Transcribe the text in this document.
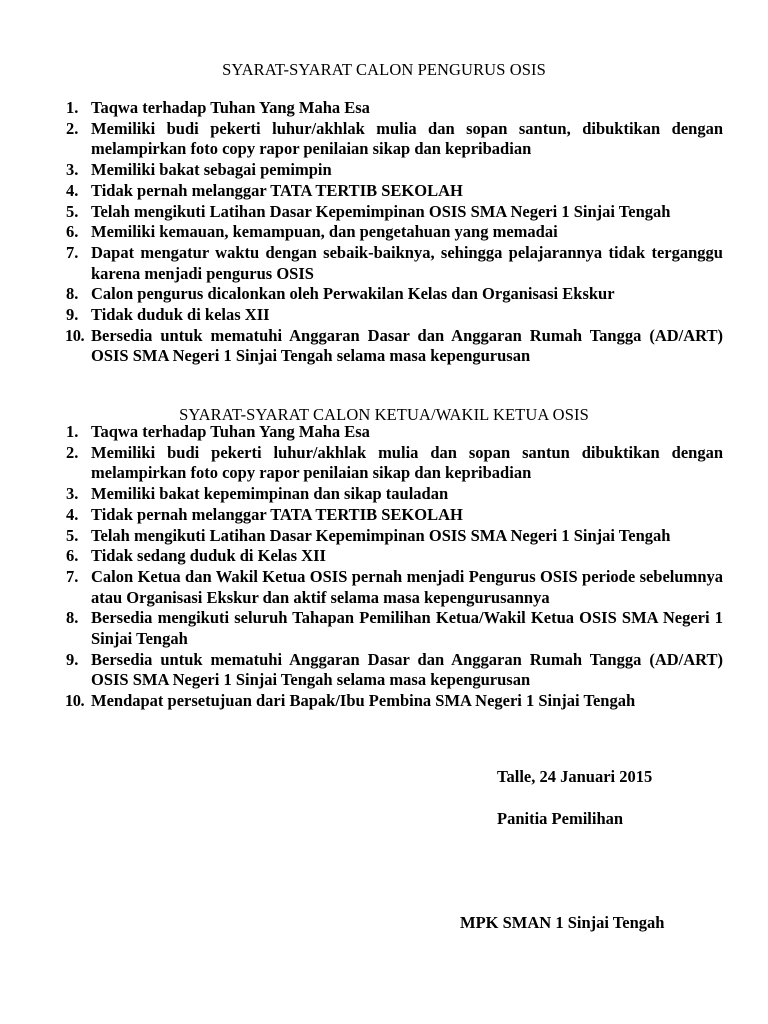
SYARAT-SYARAT CALON PENGURUS OSIS
1. Taqwa terhadap Tuhan Yang Maha Esa
2. Memiliki budi pekerti luhur/akhlak mulia dan sopan santun, dibuktikan dengan melampirkan foto copy rapor penilaian sikap dan kepribadian
3. Memiliki bakat sebagai pemimpin
4. Tidak pernah melanggar TATA TERTIB SEKOLAH
5. Telah mengikuti Latihan Dasar Kepemimpinan OSIS SMA Negeri 1 Sinjai Tengah
6. Memiliki kemauan, kemampuan, dan pengetahuan yang memadai
7. Dapat mengatur waktu dengan sebaik-baiknya, sehingga pelajarannya tidak terganggu karena menjadi pengurus OSIS
8. Calon pengurus dicalonkan oleh Perwakilan Kelas dan Organisasi Ekskur
9. Tidak duduk di kelas XII
10. Bersedia untuk mematuhi Anggaran Dasar dan Anggaran Rumah Tangga (AD/ART) OSIS SMA Negeri 1 Sinjai Tengah selama masa kepengurusan
SYARAT-SYARAT CALON KETUA/WAKIL KETUA OSIS
1. Taqwa terhadap Tuhan Yang Maha Esa
2. Memiliki budi pekerti luhur/akhlak mulia dan sopan santun dibuktikan dengan melampirkan foto copy rapor penilaian sikap dan kepribadian
3. Memiliki bakat kepemimpinan dan sikap tauladan
4. Tidak pernah melanggar TATA TERTIB SEKOLAH
5. Telah mengikuti Latihan Dasar Kepemimpinan OSIS SMA Negeri 1 Sinjai Tengah
6. Tidak sedang duduk di Kelas XII
7. Calon Ketua dan Wakil Ketua OSIS pernah menjadi Pengurus OSIS periode sebelumnya atau Organisasi Ekskur dan aktif selama masa kepengurusannya
8. Bersedia mengikuti seluruh Tahapan Pemilihan Ketua/Wakil Ketua OSIS SMA Negeri 1 Sinjai Tengah
9. Bersedia untuk mematuhi Anggaran Dasar dan Anggaran Rumah Tangga (AD/ART) OSIS SMA Negeri 1 Sinjai Tengah selama masa kepengurusan
10. Mendapat persetujuan dari Bapak/Ibu Pembina SMA Negeri 1 Sinjai Tengah
Talle, 24 Januari 2015
Panitia Pemilihan
MPK SMAN 1 Sinjai Tengah
